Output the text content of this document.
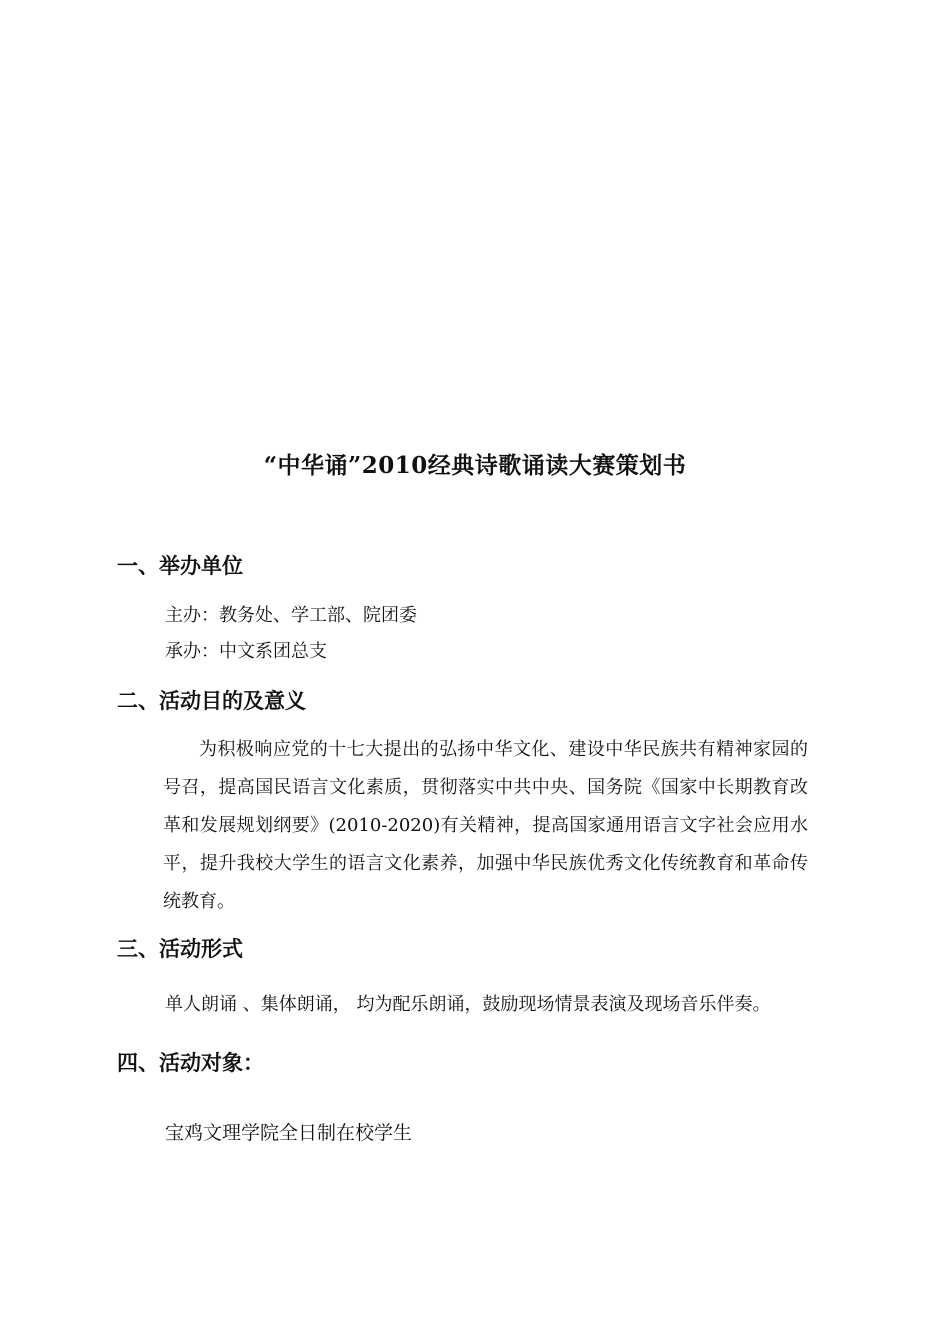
“中华诵”2010经典诗歌诵读大赛策划书
一、举办单位
主办：教务处、学工部、院团委
承办：中文系团总支
二、活动目的及意义

为积极响应党的十七大提出的弘扬中华文化、建设中华民族共有精神家园的号召，提高国民语言文化素质，贯彻落实中共中央、国务院《国家中长期教育改革和发展规划纲要》(2010-2020)有关精神，提高国家通用语言文字社会应用水平，提升我校大学生的语言文化素养，加强中华民族优秀文化传统教育和革命传统教育。

三、活动形式
单人朗诵 、集体朗诵， 均为配乐朗诵，鼓励现场情景表演及现场音乐伴奏。
四、活动对象：
宝鸡文理学院全日制在校学生
